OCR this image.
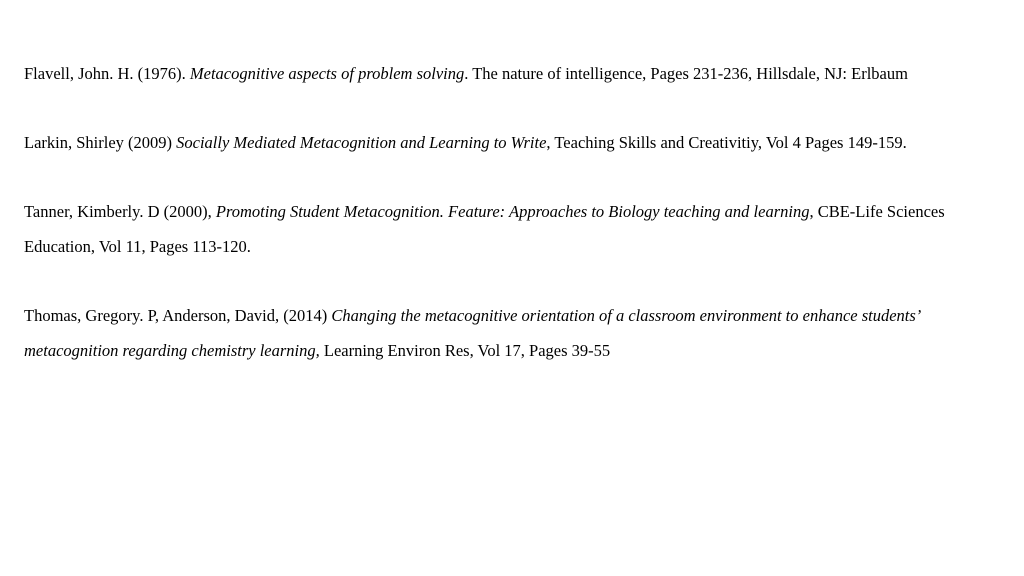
Flavell, John. H. (1976). Metacognitive aspects of problem solving. The nature of intelligence, Pages 231-236, Hillsdale, NJ: Erlbaum
Larkin, Shirley (2009) Socially Mediated Metacognition and Learning to Write, Teaching Skills and Creativitiy, Vol 4 Pages 149-159.
Tanner, Kimberly. D (2000), Promoting Student Metacognition. Feature: Approaches to Biology teaching and learning, CBE-Life Sciences Education, Vol 11, Pages 113-120.
Thomas, Gregory. P, Anderson, David, (2014) Changing the metacognitive orientation of a classroom environment to enhance students’ metacognition regarding chemistry learning, Learning Environ Res, Vol 17, Pages 39-55
